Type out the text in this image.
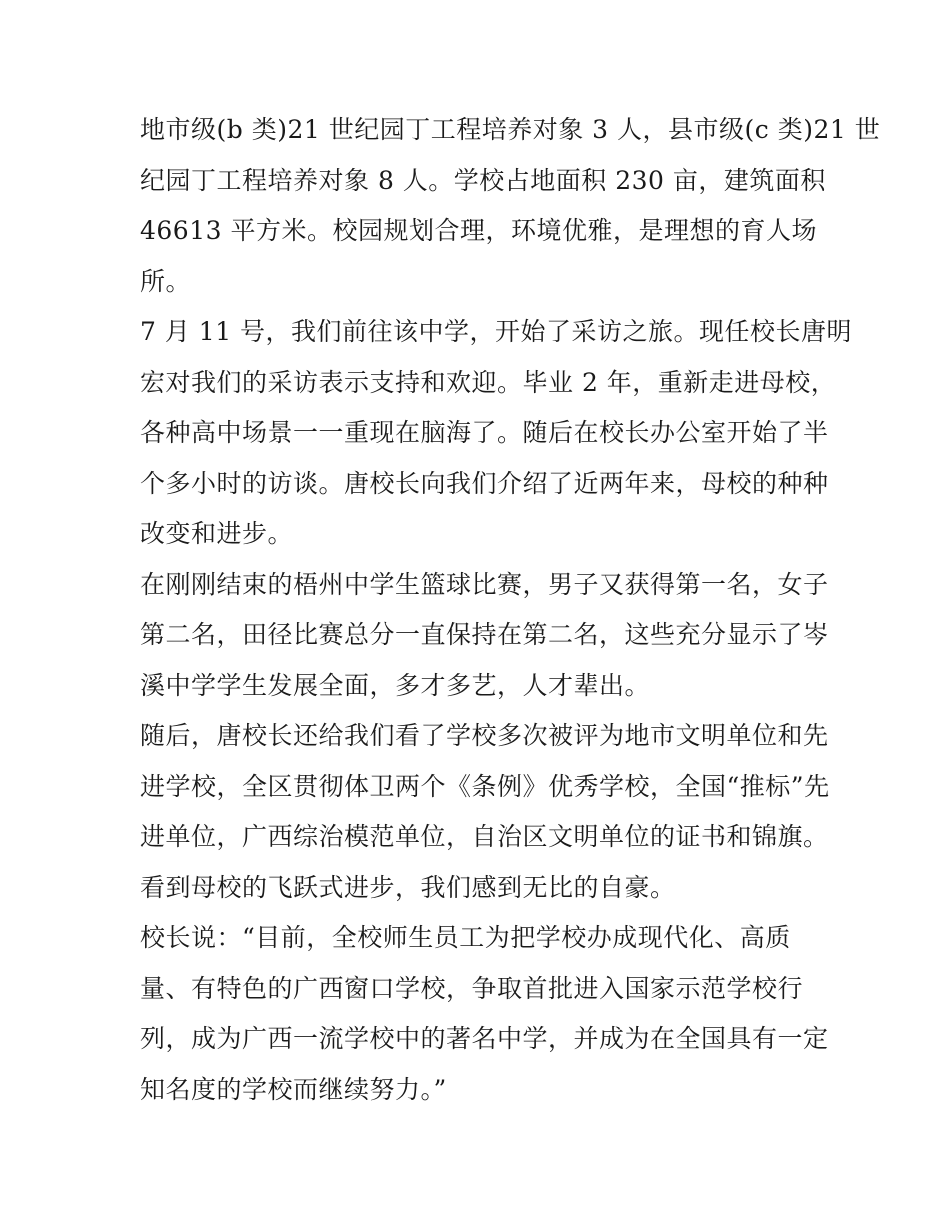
地市级(b 类)21 世纪园丁工程培养对象 3 人，县市级(c 类)21 世
纪园丁工程培养对象 8 人。学校占地面积 230 亩，建筑面积
46613 平方米。校园规划合理，环境优雅，是理想的育人场
所。
7 月 11 号，我们前往该中学，开始了采访之旅。现任校长唐明
宏对我们的采访表示支持和欢迎。毕业 2 年，重新走进母校，
各种高中场景一一重现在脑海了。随后在校长办公室开始了半
个多小时的访谈。唐校长向我们介绍了近两年来，母校的种种
改变和进步。
在刚刚结束的梧州中学生篮球比赛，男子又获得第一名，女子
第二名，田径比赛总分一直保持在第二名，这些充分显示了岑
溪中学学生发展全面，多才多艺，人才辈出。
随后，唐校长还给我们看了学校多次被评为地市文明单位和先
进学校，全区贯彻体卫两个《条例》优秀学校，全国“推标”先
进单位，广西综治模范单位，自治区文明单位的证书和锦旗。
看到母校的飞跃式进步，我们感到无比的自豪。
校长说：“目前，全校师生员工为把学校办成现代化、高质
量、有特色的广西窗口学校，争取首批进入国家示范学校行
列，成为广西一流学校中的著名中学，并成为在全国具有一定
知名度的学校而继续努力。”
